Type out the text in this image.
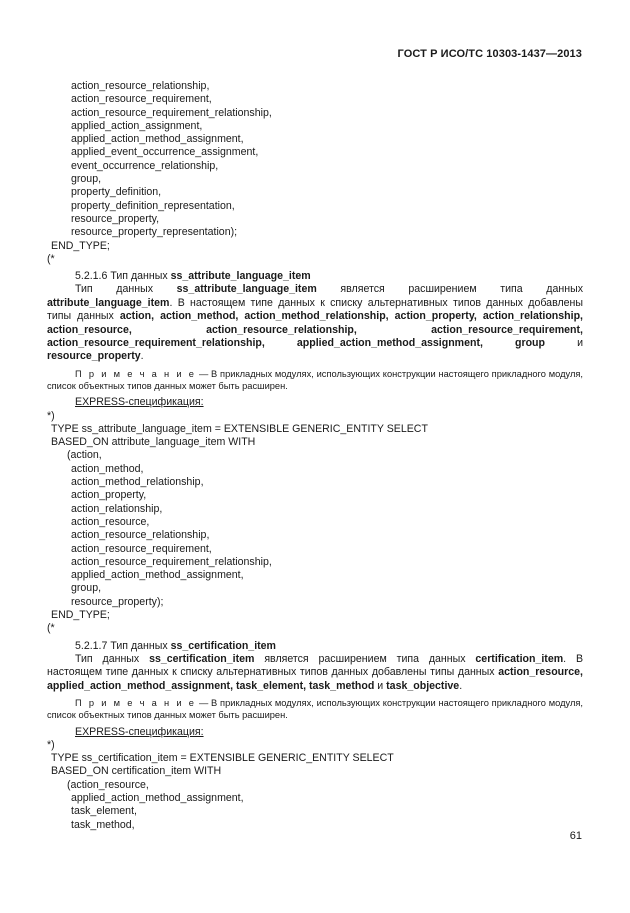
ГОСТ Р ИСО/ТС 10303-1437—2013
action_resource_relationship,
action_resource_requirement,
action_resource_requirement_relationship,
applied_action_assignment,
applied_action_method_assignment,
applied_event_occurrence_assignment,
event_occurrence_relationship,
group,
property_definition,
property_definition_representation,
resource_property,
resource_property_representation);
END_TYPE;
(*
5.2.1.6 Тип данных ss_attribute_language_item
Тип данных ss_attribute_language_item является расширением типа данных attribute_language_item. В настоящем типе данных к списку альтернативных типов данных добавлены типы данных action, action_method, action_method_relationship, action_property, action_relationship, action_resource, action_resource_relationship, action_resource_requirement, action_resource_requirement_relationship, applied_action_method_assignment, group и resource_property.
П р и м е ч а н и е — В прикладных модулях, использующих конструкции настоящего прикладного модуля, список объектных типов данных может быть расширен.
EXPRESS-спецификация:
*)
TYPE ss_attribute_language_item = EXTENSIBLE GENERIC_ENTITY SELECT
BASED_ON attribute_language_item WITH
(action,
action_method,
action_method_relationship,
action_property,
action_relationship,
action_resource,
action_resource_relationship,
action_resource_requirement,
action_resource_requirement_relationship,
applied_action_method_assignment,
group,
resource_property);
END_TYPE;
(*
5.2.1.7 Тип данных ss_certification_item
Тип данных ss_certification_item является расширением типа данных certification_item. В настоящем типе данных к списку альтернативных типов данных добавлены типы данных action_resource, applied_action_method_assignment, task_element, task_method и task_objective.
П р и м е ч а н и е — В прикладных модулях, использующих конструкции настоящего прикладного модуля, список объектных типов данных может быть расширен.
EXPRESS-спецификация:
*)
TYPE ss_certification_item = EXTENSIBLE GENERIC_ENTITY SELECT
BASED_ON certification_item WITH
(action_resource,
applied_action_method_assignment,
task_element,
task_method,
61
